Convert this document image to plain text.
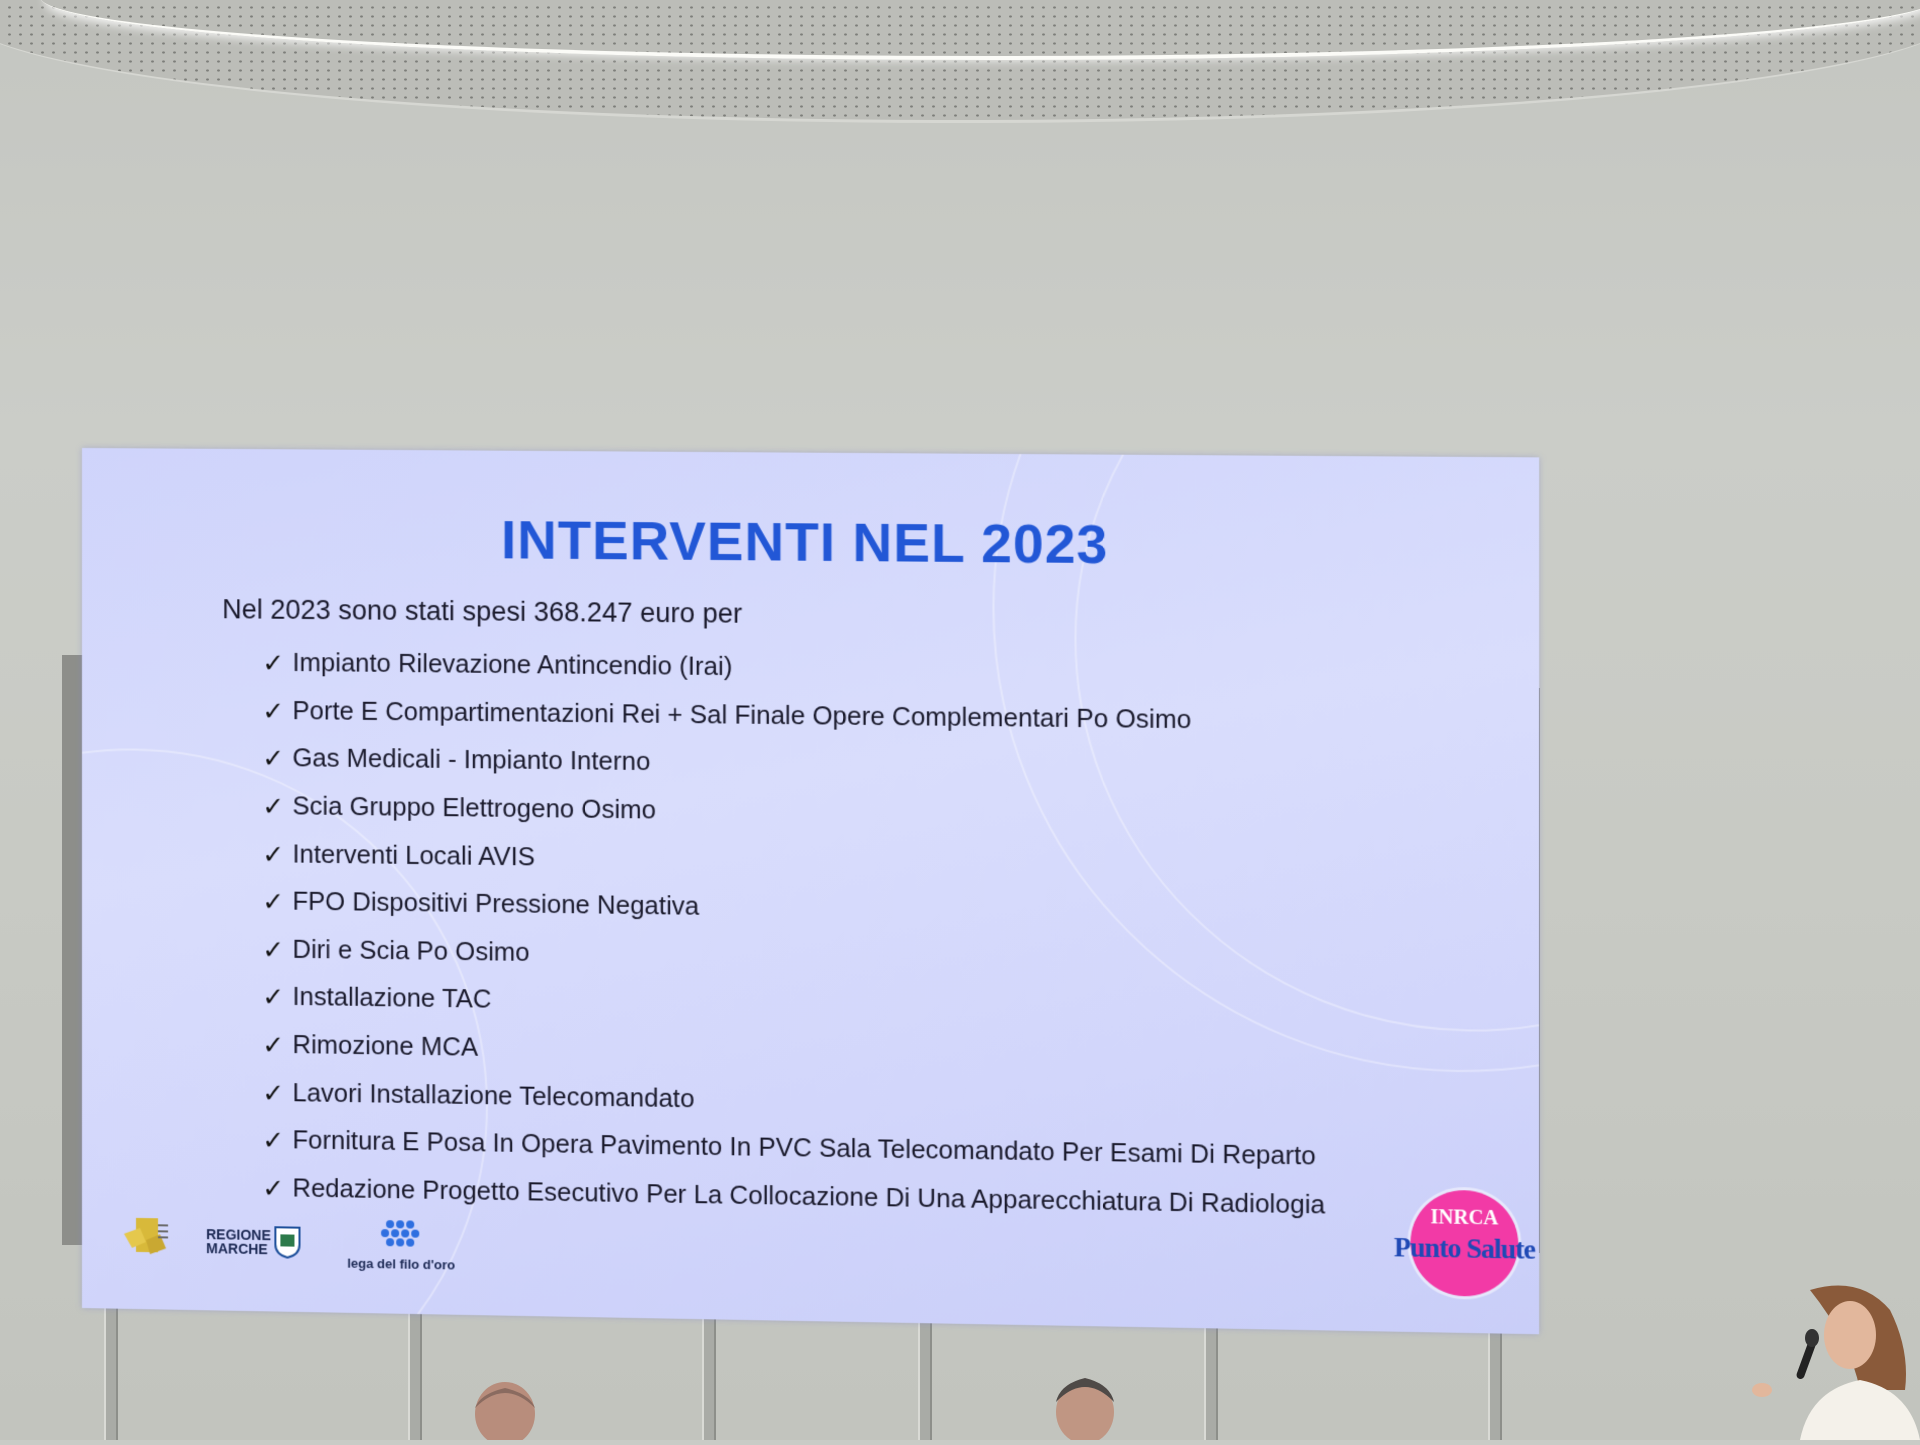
INTERVENTI NEL 2023
Nel 2023 sono stati spesi 368.247 euro per
✓ Impianto Rilevazione Antincendio (Irai)
✓ Porte E Compartimentazioni Rei + Sal Finale Opere Complementari Po Osimo
✓ Gas Medicali - Impianto Interno
✓ Scia Gruppo Elettrogeno Osimo
✓ Interventi Locali AVIS
✓ FPO Dispositivi Pressione Negativa
✓ Diri e Scia Po Osimo
✓ Installazione TAC
✓ Rimozione MCA
✓ Lavori Installazione Telecomandato
✓ Fornitura E Posa In Opera Pavimento In PVC Sala Telecomandato Per Esami Di Reparto
✓ Redazione Progetto Esecutivo Per La Collocazione Di Una Apparecchiatura Di Radiologia
REGIONE
MARCHE
lega del filo d'oro
INRCA
Punto Salute
